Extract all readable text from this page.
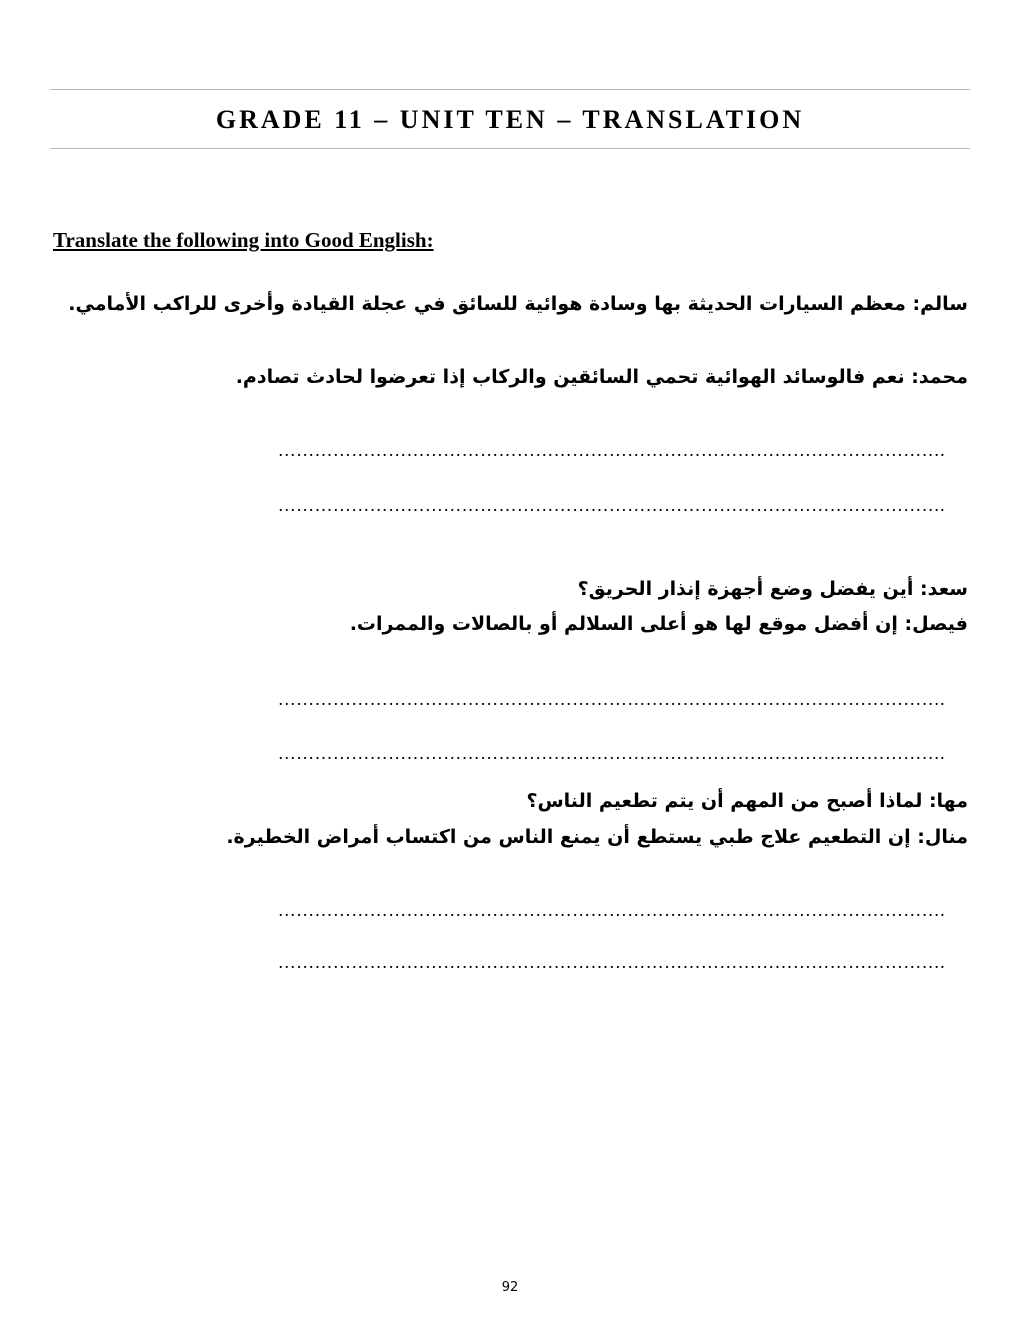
GRADE 11 – UNIT TEN – TRANSLATION
Translate the following into Good English:
سالم: معظم السيارات الحديثة بها وسادة هوائية للسائق في عجلة القيادة وأخرى للراكب الأمامي.
محمد: نعم فالوسائد الهوائية تحمي السائقين والركاب إذا تعرضوا لحادث تصادم.
……………………………………………………………………………………………….
……………………………………………………………………………………………….
سعد: أين يفضل وضع أجهزة إنذار الحريق؟
فيصل: إن أفضل موقع لها هو أعلى السلالم أو بالصالات والممرات.
……………………………………………………………………………………………….
……………………………………………………………………………………………….
مها: لماذا أصبح من المهم أن يتم تطعيم الناس؟
منال: إن التطعيم علاج طبي يستطع أن يمنع الناس من اكتساب أمراض الخطيرة.
……………………………………………………………………………………………….
……………………………………………………………………………………………….
92
